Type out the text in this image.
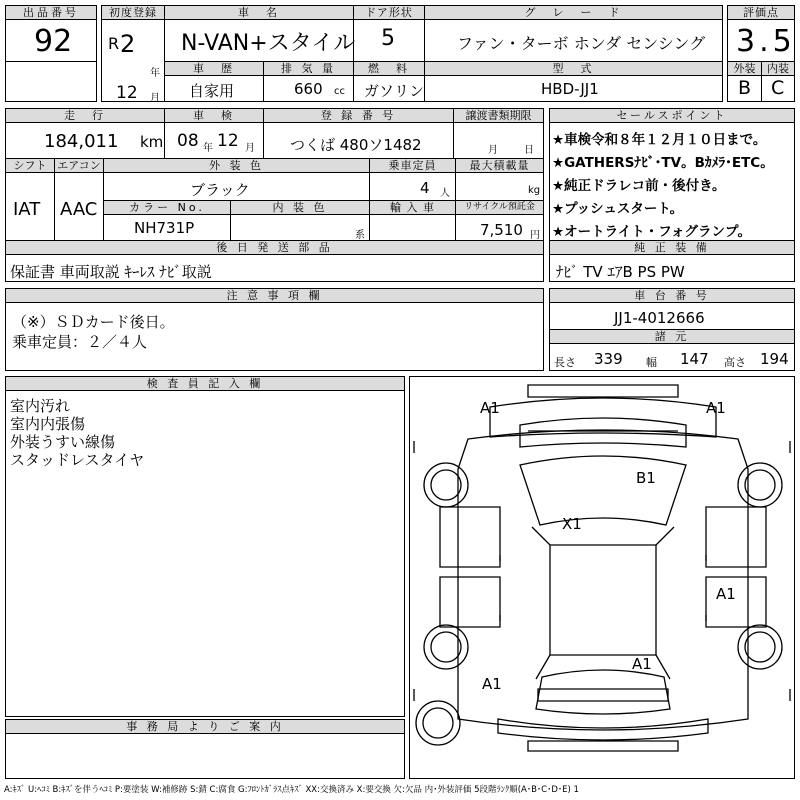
出品番号
92
初度登録
R 2
年
12 月
車　名
N-VAN+スタイル
ドア形状
5
グ　レ　ー　ド
ファン・ターボ ホンダ センシング
評価点
3.5
車　歴
自家用
排 気 量
660 cc
燃　料
ガソリン
型　式
HBD-JJ1
外装
B
内装
C
走　行
184,011 km
車　検
08 年 12 月
登 録 番 号
つくば 480ソ1482
譲渡書類期限
月	日
シフト
IAT
エアコン
AAC
外 装 色
ブラック
乗車定員
4 人
最大積載量
kg
カラー No.
NH731P
内 装 色
系
輸 入 車	リサイクル預託金
7,510 円
後 日 発 送 部 品
保証書 車両取説 ｷｰﾚｽ ﾅﾋﾞ取説
セールスポイント
★車検令和８年１２月１０日まで。
★GATHERSﾅﾋﾞ･TV。Bｶﾒﾗ･ETC。
★純正ドラレコ前・後付き。
★プッシュスタート。
★オートライト・フォグランプ。
純 正 装 備
ﾅﾋﾞ TV ｴｱB PS PW
注 意 事 項 欄
（※）ＳＤカード後日。
乗車定員：２／４人
車 台 番 号
JJ1-4012666
諸 元
長さ 339 幅 147 高さ 194
検 査 員 記 入 欄
室内汚れ
室内内張傷
外装うすい線傷
スタッドレスタイヤ
事 務 局 よ り ご 案 内
A1	A1
B1
X1
A1
A1
A1
A:ｷｽﾞ U:ﾍｺﾐ B:ｷｽﾞを伴うﾍｺﾐ P:要塗装 W:補修跡 S:錆 C:腐食 G:ﾌﾛﾝﾄｶﾞﾗｽ点ｷｽﾞ XX:交換済み X:要交換 欠:欠品 内･外装評価 5段階ﾗﾝｸ順(A･B･C･D･E) 1
